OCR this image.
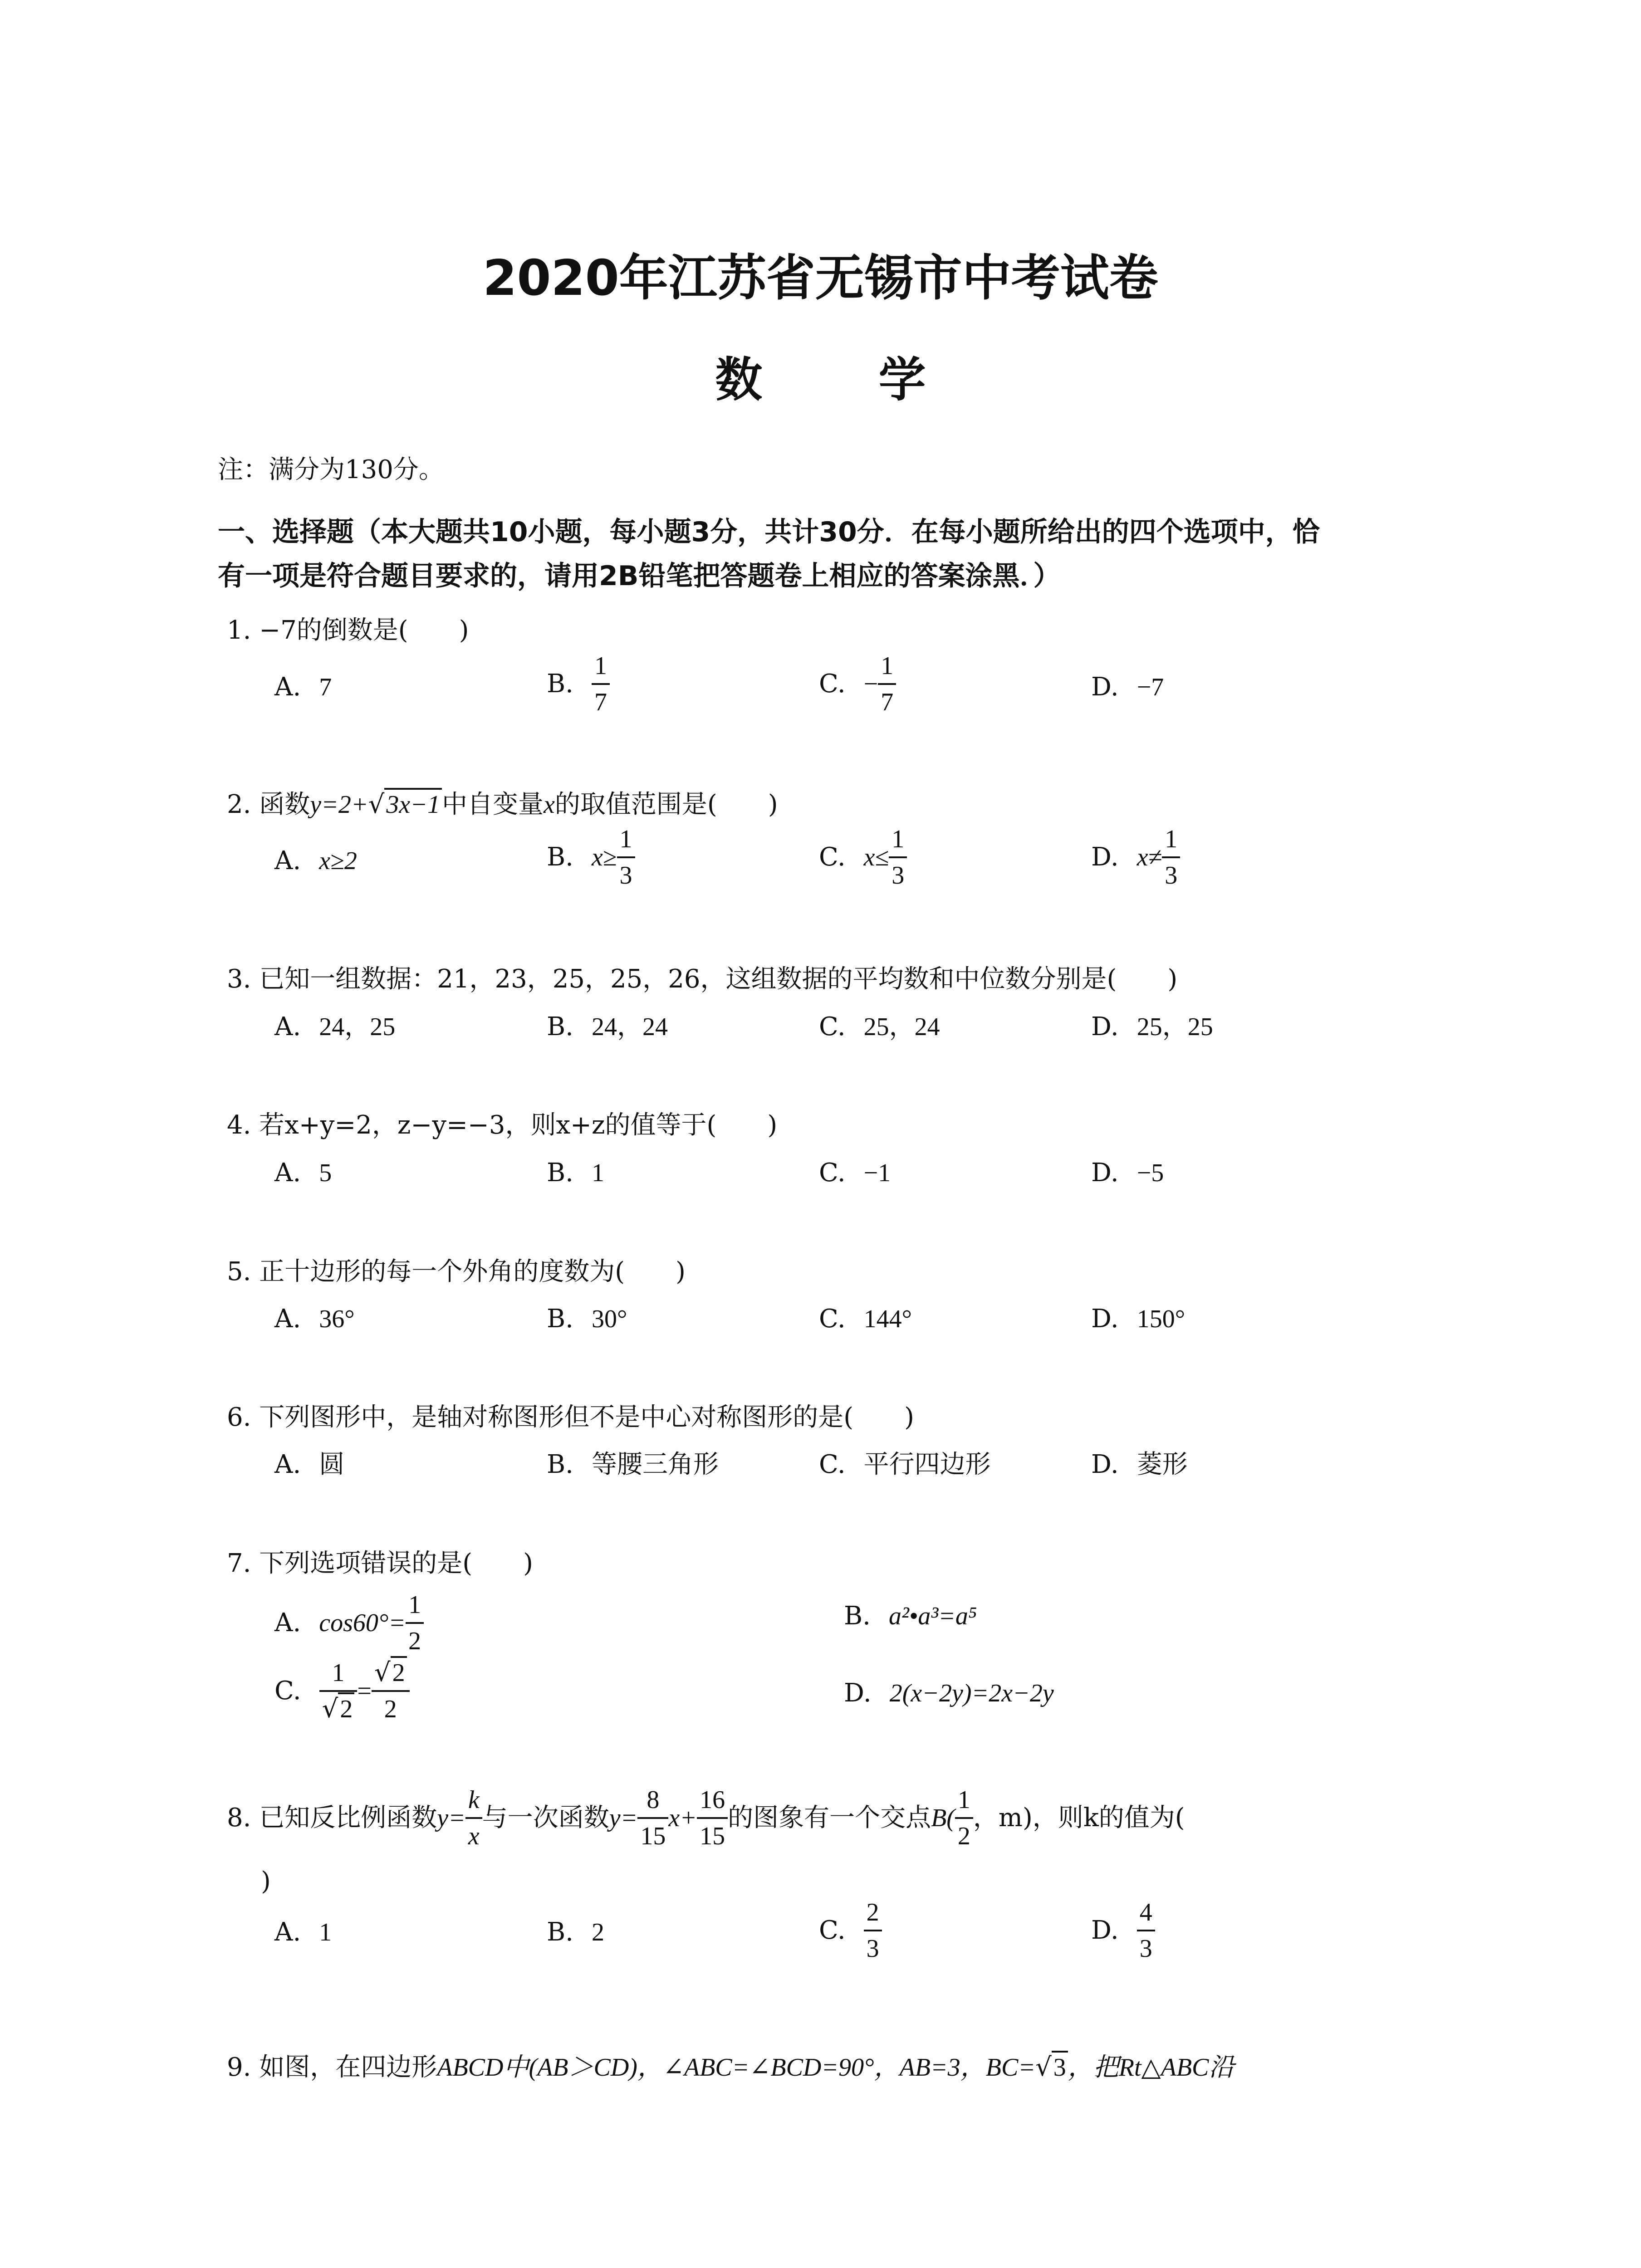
2020年江苏省无锡市中考试卷
数 学
注：满分为130分。
一、选择题（本大题共10小题，每小题3分，共计30分．在每小题所给出的四个选项中，恰
有一项是符合题目要求的，请用2B铅笔把答题卷上相应的答案涂黑．）
1. −7的倒数是(　　)
A. 7	B. $\frac{1}{7}$	C. − $\frac{1}{7}$	D. −7
2. 函数y=2+√3x−1中自变量x的取值范围是(　　)
A. x≥2	B. $x\ge \frac{1}{3}$	C. $x\le \frac{1}{3}$	D. $x\ne \frac{1}{3}$
3. 已知一组数据：21，23，25，25，26，这组数据的平均数和中位数分别是(　　)
A. 24，25	B. 24，24	C. 25，24	D. 25，25
4. 若x+y=2，z−y=−3，则x+z的值等于(　　)
A. 5	B. 1	C. −1	D. −5
5. 正十边形的每一个外角的度数为(　　)
A. 36°	B. 30°	C. 144°	D. 150°
6. 下列图形中，是轴对称图形但不是中心对称图形的是(　　)
A. 圆	B. 等腰三角形	C. 平行四边形	D. 菱形
7. 下列选项错误的是(　　)
A. $\cos 60^\circ= \frac{1}{2}$	B. a²•a³=a⁵
C. $\frac{1}{√2} = \frac{√2}{2}$	D. 2(x−2y)=2x−2y
8. 已知反比例函数$y= \frac{k}{x}$ 与一次函数$y= \frac{8}{15} x+ \frac{16}{15}$ 的图象有一个交点$B( \frac{1}{2}$ ，m)，则k的值为(
)
A. 1	B. 2	C. $\frac{2}{3}$	D. $\frac{4}{3}$
9. 如图，在四边形ABCD中(AB＞CD)，∠ABC=∠BCD=90°，AB=3，BC=√3，把Rt△ABC沿
